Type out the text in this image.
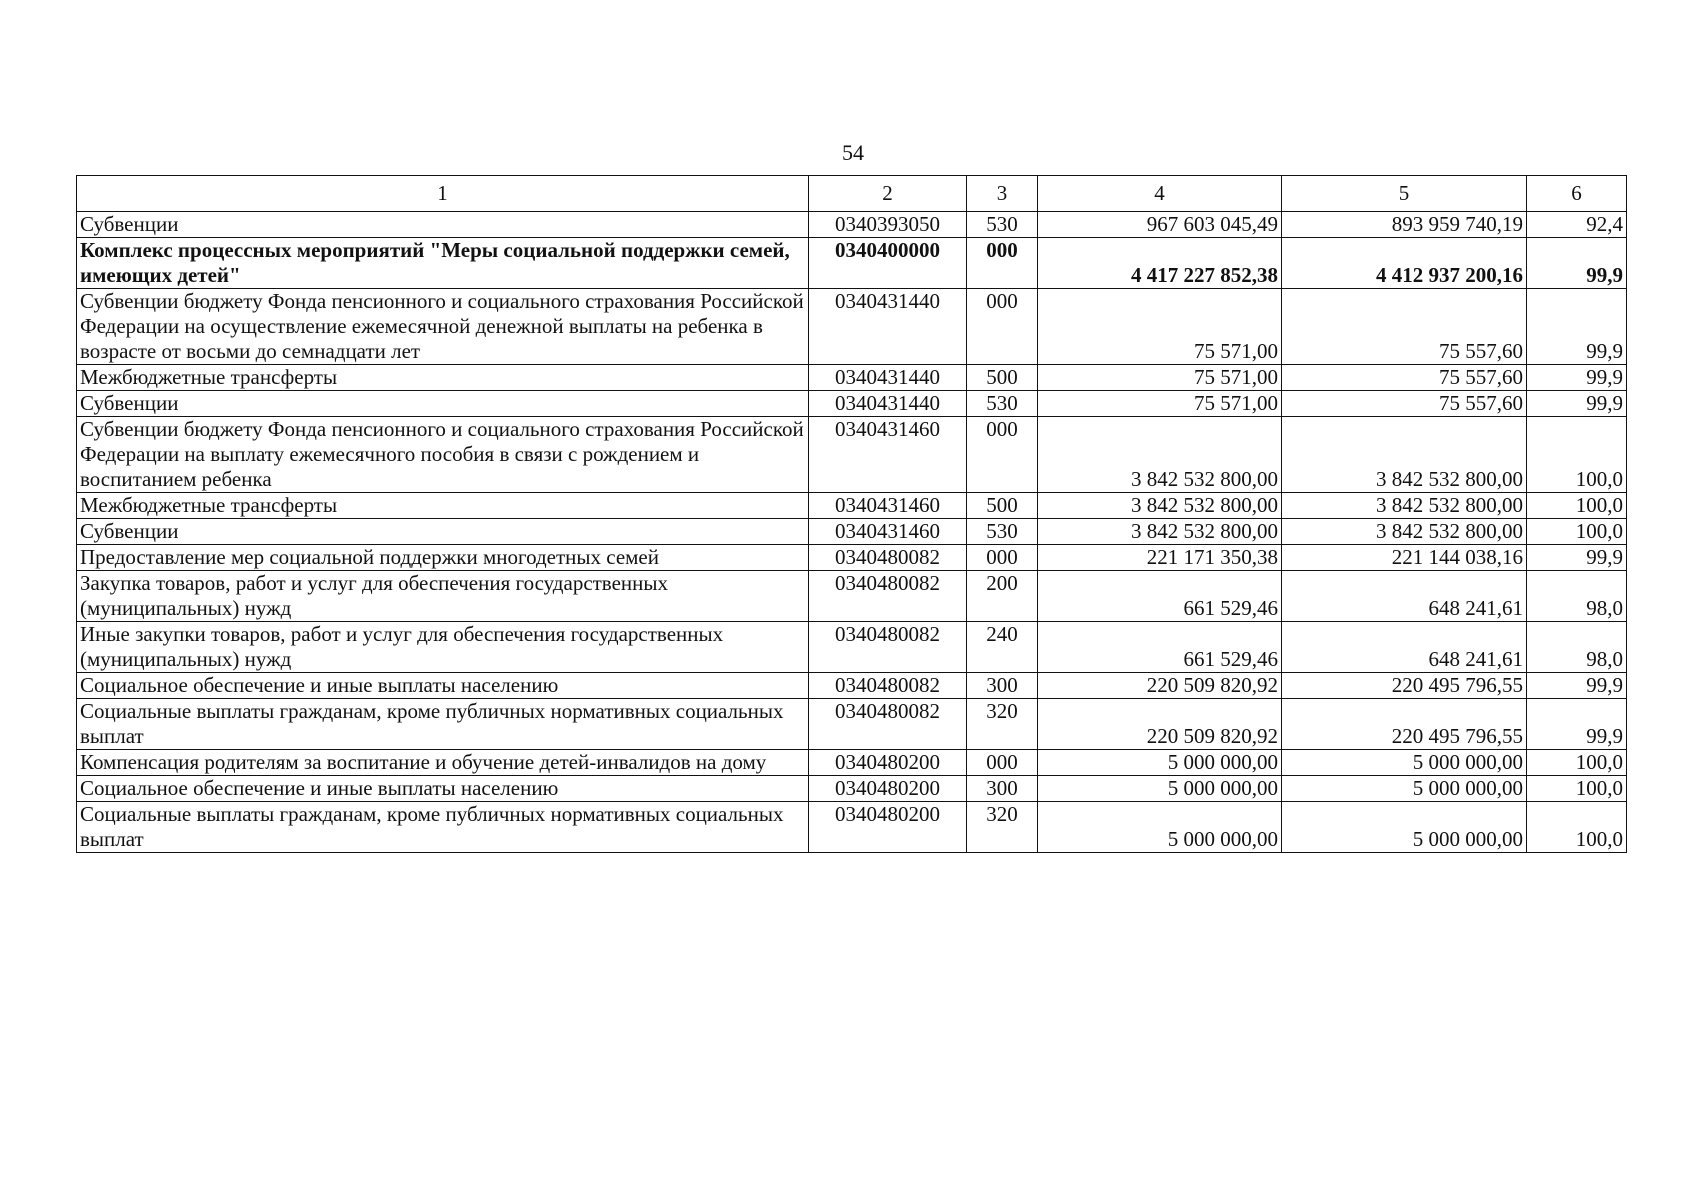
54
1	2	3	4	5	6
Субвенции	0340393050	530	967 603 045,49	893 959 740,19	92,4
Комплекс процессных мероприятий "Меры социальной поддержки семей, имеющих детей"	0340400000	000	4 417 227 852,38	4 412 937 200,16	99,9
Субвенции бюджету Фонда пенсионного и социального страхования Российской Федерации на осуществление ежемесячной денежной выплаты на ребенка в возрасте от восьми до семнадцати лет	0340431440	000	75 571,00	75 557,60	99,9
Межбюджетные трансферты	0340431440	500	75 571,00	75 557,60	99,9
Субвенции	0340431440	530	75 571,00	75 557,60	99,9
Субвенции бюджету Фонда пенсионного и социального страхования Российской Федерации на выплату ежемесячного пособия в связи с рождением и воспитанием ребенка	0340431460	000	3 842 532 800,00	3 842 532 800,00	100,0
Межбюджетные трансферты	0340431460	500	3 842 532 800,00	3 842 532 800,00	100,0
Субвенции	0340431460	530	3 842 532 800,00	3 842 532 800,00	100,0
Предоставление мер социальной поддержки многодетных семей	0340480082	000	221 171 350,38	221 144 038,16	99,9
Закупка товаров, работ и услуг для обеспечения государственных (муниципальных) нужд	0340480082	200	661 529,46	648 241,61	98,0
Иные закупки товаров, работ и услуг для обеспечения государственных (муниципальных) нужд	0340480082	240	661 529,46	648 241,61	98,0
Социальное обеспечение и иные выплаты населению	0340480082	300	220 509 820,92	220 495 796,55	99,9
Социальные выплаты гражданам, кроме публичных нормативных социальных выплат	0340480082	320	220 509 820,92	220 495 796,55	99,9
Компенсация родителям за воспитание и обучение детей-инвалидов на дому	0340480200	000	5 000 000,00	5 000 000,00	100,0
Социальное обеспечение и иные выплаты населению	0340480200	300	5 000 000,00	5 000 000,00	100,0
Социальные выплаты гражданам, кроме публичных нормативных социальных выплат	0340480200	320	5 000 000,00	5 000 000,00	100,0
